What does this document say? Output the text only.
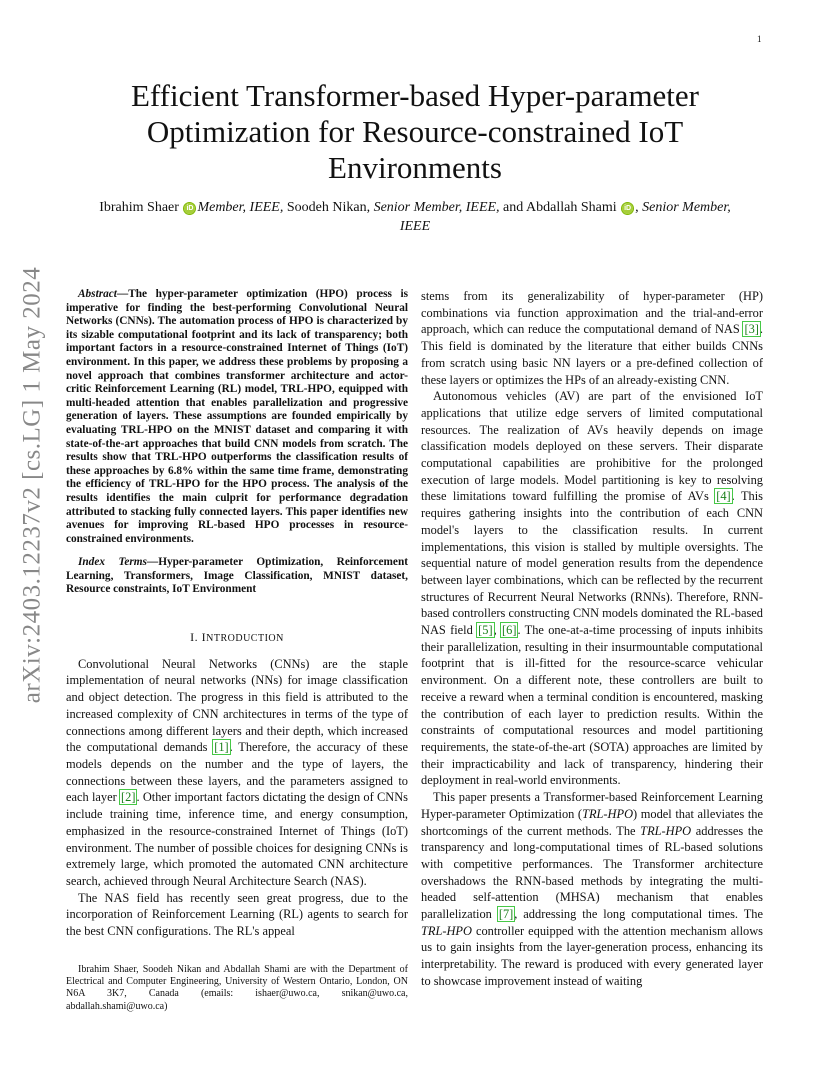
1
arXiv:2403.12237v2 [cs.LG] 1 May 2024
Efficient Transformer-based Hyper-parameter Optimization for Resource-constrained IoT Environments
Ibrahim Shaer iD Member, IEEE, Soodeh Nikan, Senior Member, IEEE, and Abdallah Shami iD , Senior Member, IEEE

Abstract—The hyper-parameter optimization (HPO) process is imperative for finding the best-performing Convolutional Neural Networks (CNNs). The automation process of HPO is characterized by its sizable computational footprint and its lack of transparency; both important factors in a resource-constrained Internet of Things (IoT) environment. In this paper, we address these problems by proposing a novel approach that combines transformer architecture and actor-critic Reinforcement Learning (RL) model, TRL-HPO, equipped with multi-headed attention that enables parallelization and progressive generation of layers. These assumptions are founded empirically by evaluating TRL-HPO on the MNIST dataset and comparing it with state-of-the-art approaches that build CNN models from scratch. The results show that TRL-HPO outperforms the classification results of these approaches by 6.8% within the same time frame, demonstrating the efficiency of TRL-HPO for the HPO process. The analysis of the results identifies the main culprit for performance degradation attributed to stacking fully connected layers. This paper identifies new avenues for improving RL-based HPO processes in resource-constrained environments.

Index Terms—Hyper-parameter Optimization, Reinforcement Learning, Transformers, Image Classification, MNIST dataset, Resource constraints, IoT Environment

I. INTRODUCTION

Convolutional Neural Networks (CNNs) are the staple implementation of neural networks (NNs) for image classification and object detection. The progress in this field is attributed to the increased complexity of CNN architectures in terms of the type of connections among different layers and their depth, which increased the computational demands [1]. Therefore, the accuracy of these models depends on the number and the type of layers, the connections between these layers, and the parameters assigned to each layer [2]. Other important factors dictating the design of CNNs include training time, inference time, and energy consumption, emphasized in the resource-constrained Internet of Things (IoT) environment. The number of possible choices for designing CNNs is extremely large, which promoted the automated CNN architecture search, achieved through Neural Architecture Search (NAS).

The NAS field has recently seen great progress, due to the incorporation of Reinforcement Learning (RL) agents to search for the best CNN configurations. The RL's appeal

Ibrahim Shaer, Soodeh Nikan and Abdallah Shami are with the Department of Electrical and Computer Engineering, University of Western Ontario, London, ON N6A 3K7, Canada (emails: ishaer@uwo.ca, snikan@uwo.ca, abdallah.shami@uwo.ca)

stems from its generalizability of hyper-parameter (HP) combinations via function approximation and the trial-and-error approach, which can reduce the computational demand of NAS [3]. This field is dominated by the literature that either builds CNNs from scratch using basic NN layers or a pre-defined collection of these layers or optimizes the HPs of an already-existing CNN.

Autonomous vehicles (AV) are part of the envisioned IoT applications that utilize edge servers of limited computational resources. The realization of AVs heavily depends on image classification models deployed on these servers. Their disparate computational capabilities are prohibitive for the prolonged execution of large models. Model partitioning is key to resolving these limitations toward fulfilling the promise of AVs [4]. This requires gathering insights into the contribution of each CNN model's layers to the classification results. In current implementations, this vision is stalled by multiple oversights. The sequential nature of model generation results from the dependence between layer combinations, which can be reflected by the recurrent structures of Recurrent Neural Networks (RNNs). Therefore, RNN-based controllers constructing CNN models dominated the RL-based NAS field [5], [6]. The one-at-a-time processing of inputs inhibits their parallelization, resulting in their insurmountable computational footprint that is ill-fitted for the resource-scarce vehicular environment. On a different note, these controllers are built to receive a reward when a terminal condition is encountered, masking the contribution of each layer to prediction results. Within the constraints of computational resources and model partitioning requirements, the state-of-the-art (SOTA) approaches are limited by their impracticability and lack of transparency, hindering their deployment in real-world environments.

This paper presents a Transformer-based Reinforcement Learning Hyper-parameter Optimization (TRL-HPO) model that alleviates the shortcomings of the current methods. The TRL-HPO addresses the transparency and long-computational times of RL-based solutions with competitive performances. The Transformer architecture overshadows the RNN-based methods by integrating the multi-headed self-attention (MHSA) mechanism that enables parallelization [7], addressing the long computational times. The TRL-HPO controller equipped with the attention mechanism allows us to gain insights from the layer-generation process, enhancing its interpretability. The reward is produced with every generated layer to showcase improvement instead of waiting
